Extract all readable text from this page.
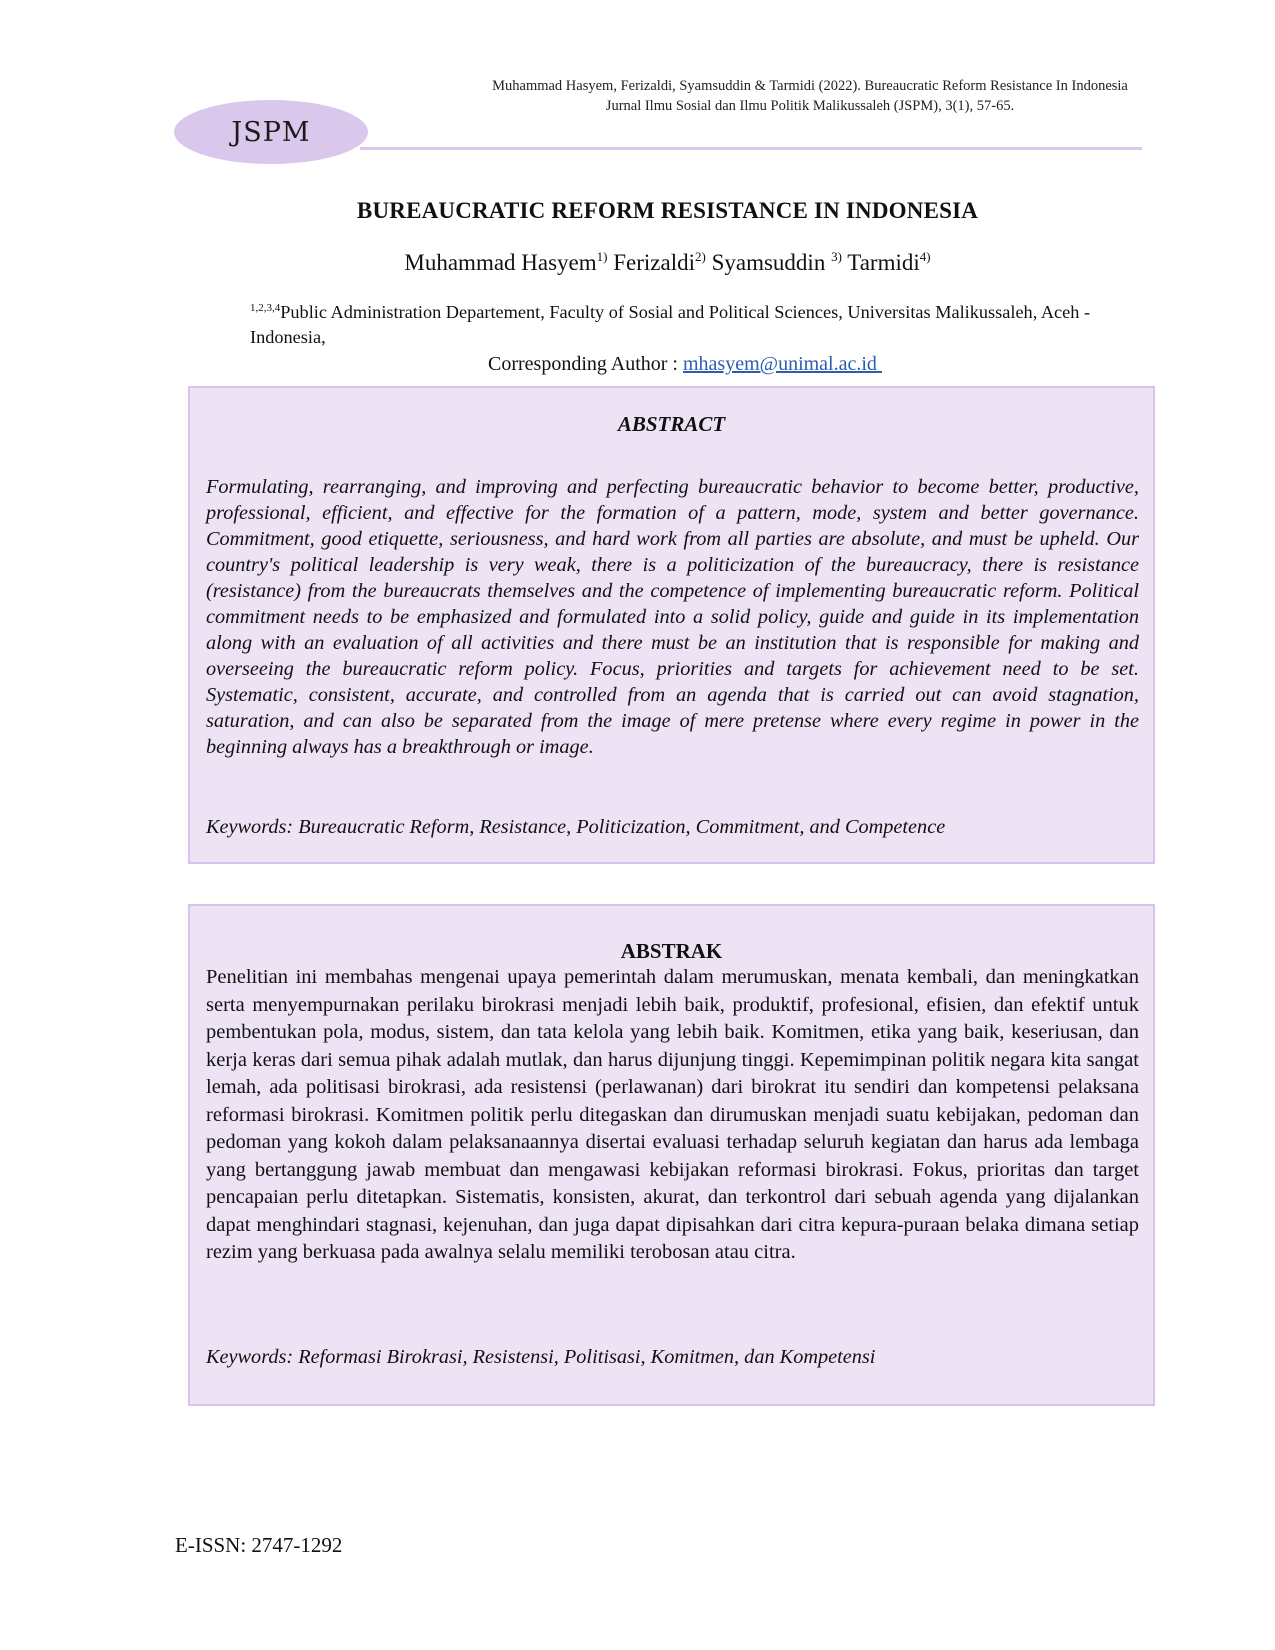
Muhammad Hasyem, Ferizaldi, Syamsuddin & Tarmidi (2022). Bureaucratic Reform Resistance In Indonesia Jurnal Ilmu Sosial dan Ilmu Politik Malikussaleh (JSPM), 3(1), 57-65.
JSPM
BUREAUCRATIC REFORM RESISTANCE IN INDONESIA
Muhammad Hasyem$^{1)}$ Ferizaldi$^{2)}$ Syamsuddin $^{3)}$ Tarmidi$^{4)}$
$^{1,2,3,4}$Public Administration Departement, Faculty of Sosial and Political Sciences, Universitas Malikussaleh, Aceh - Indonesia,
Corresponding Author : mhasyem@unimal.ac.id
ABSTRACT
Formulating, rearranging, and improving and perfecting bureaucratic behavior to become better, productive, professional, efficient, and effective for the formation of a pattern, mode, system and better governance. Commitment, good etiquette, seriousness, and hard work from all parties are absolute, and must be upheld. Our country's political leadership is very weak, there is a politicization of the bureaucracy, there is resistance (resistance) from the bureaucrats themselves and the competence of implementing bureaucratic reform. Political commitment needs to be emphasized and formulated into a solid policy, guide and guide in its implementation along with an evaluation of all activities and there must be an institution that is responsible for making and overseeing the bureaucratic reform policy. Focus, priorities and targets for achievement need to be set. Systematic, consistent, accurate, and controlled from an agenda that is carried out can avoid stagnation, saturation, and can also be separated from the image of mere pretense where every regime in power in the beginning always has a breakthrough or image.
Keywords: Bureaucratic Reform, Resistance, Politicization, Commitment, and Competence
ABSTRAK
Penelitian ini membahas mengenai upaya pemerintah dalam merumuskan, menata kembali, dan meningkatkan serta menyempurnakan perilaku birokrasi menjadi lebih baik, produktif, profesional, efisien, dan efektif untuk pembentukan pola, modus, sistem, dan tata kelola yang lebih baik. Komitmen, etika yang baik, keseriusan, dan kerja keras dari semua pihak adalah mutlak, dan harus dijunjung tinggi. Kepemimpinan politik negara kita sangat lemah, ada politisasi birokrasi, ada resistensi (perlawanan) dari birokrat itu sendiri dan kompetensi pelaksana reformasi birokrasi. Komitmen politik perlu ditegaskan dan dirumuskan menjadi suatu kebijakan, pedoman dan pedoman yang kokoh dalam pelaksanaannya disertai evaluasi terhadap seluruh kegiatan dan harus ada lembaga yang bertanggung jawab membuat dan mengawasi kebijakan reformasi birokrasi. Fokus, prioritas dan target pencapaian perlu ditetapkan. Sistematis, konsisten, akurat, dan terkontrol dari sebuah agenda yang dijalankan dapat menghindari stagnasi, kejenuhan, dan juga dapat dipisahkan dari citra kepura-puraan belaka dimana setiap rezim yang berkuasa pada awalnya selalu memiliki terobosan atau citra.
Keywords: Reformasi Birokrasi, Resistensi, Politisasi, Komitmen, dan Kompetensi
E-ISSN: 2747-1292
